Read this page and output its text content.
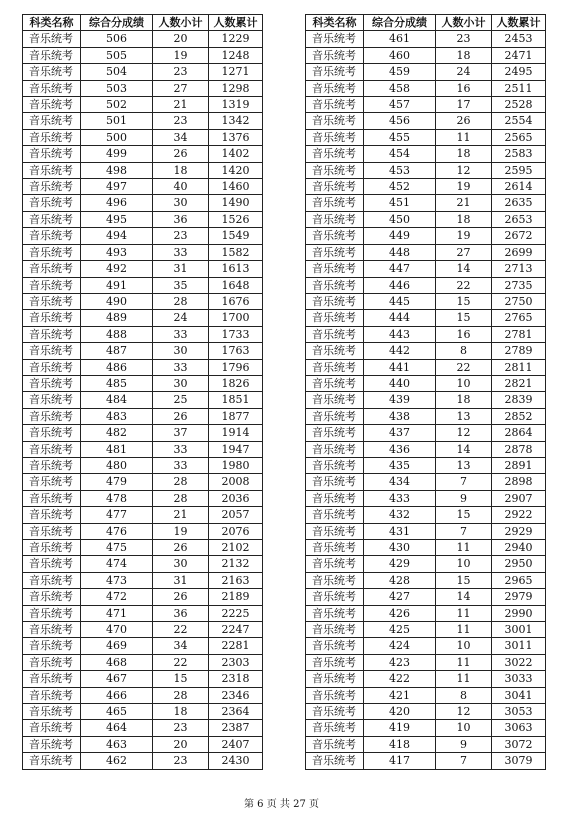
科类名称	综合分成绩	人数小计	人数累计
音乐统考	506	20	1229
音乐统考	505	19	1248
音乐统考	504	23	1271
音乐统考	503	27	1298
音乐统考	502	21	1319
音乐统考	501	23	1342
音乐统考	500	34	1376
音乐统考	499	26	1402
音乐统考	498	18	1420
音乐统考	497	40	1460
音乐统考	496	30	1490
音乐统考	495	36	1526
音乐统考	494	23	1549
音乐统考	493	33	1582
音乐统考	492	31	1613
音乐统考	491	35	1648
音乐统考	490	28	1676
音乐统考	489	24	1700
音乐统考	488	33	1733
音乐统考	487	30	1763
音乐统考	486	33	1796
音乐统考	485	30	1826
音乐统考	484	25	1851
音乐统考	483	26	1877
音乐统考	482	37	1914
音乐统考	481	33	1947
音乐统考	480	33	1980
音乐统考	479	28	2008
音乐统考	478	28	2036
音乐统考	477	21	2057
音乐统考	476	19	2076
音乐统考	475	26	2102
音乐统考	474	30	2132
音乐统考	473	31	2163
音乐统考	472	26	2189
音乐统考	471	36	2225
音乐统考	470	22	2247
音乐统考	469	34	2281
音乐统考	468	22	2303
音乐统考	467	15	2318
音乐统考	466	28	2346
音乐统考	465	18	2364
音乐统考	464	23	2387
音乐统考	463	20	2407
音乐统考	462	23	2430
科类名称	综合分成绩	人数小计	人数累计
音乐统考	461	23	2453
音乐统考	460	18	2471
音乐统考	459	24	2495
音乐统考	458	16	2511
音乐统考	457	17	2528
音乐统考	456	26	2554
音乐统考	455	11	2565
音乐统考	454	18	2583
音乐统考	453	12	2595
音乐统考	452	19	2614
音乐统考	451	21	2635
音乐统考	450	18	2653
音乐统考	449	19	2672
音乐统考	448	27	2699
音乐统考	447	14	2713
音乐统考	446	22	2735
音乐统考	445	15	2750
音乐统考	444	15	2765
音乐统考	443	16	2781
音乐统考	442	8	2789
音乐统考	441	22	2811
音乐统考	440	10	2821
音乐统考	439	18	2839
音乐统考	438	13	2852
音乐统考	437	12	2864
音乐统考	436	14	2878
音乐统考	435	13	2891
音乐统考	434	7	2898
音乐统考	433	9	2907
音乐统考	432	15	2922
音乐统考	431	7	2929
音乐统考	430	11	2940
音乐统考	429	10	2950
音乐统考	428	15	2965
音乐统考	427	14	2979
音乐统考	426	11	2990
音乐统考	425	11	3001
音乐统考	424	10	3011
音乐统考	423	11	3022
音乐统考	422	11	3033
音乐统考	421	8	3041
音乐统考	420	12	3053
音乐统考	419	10	3063
音乐统考	418	9	3072
音乐统考	417	7	3079
第 6 页 共 27 页
